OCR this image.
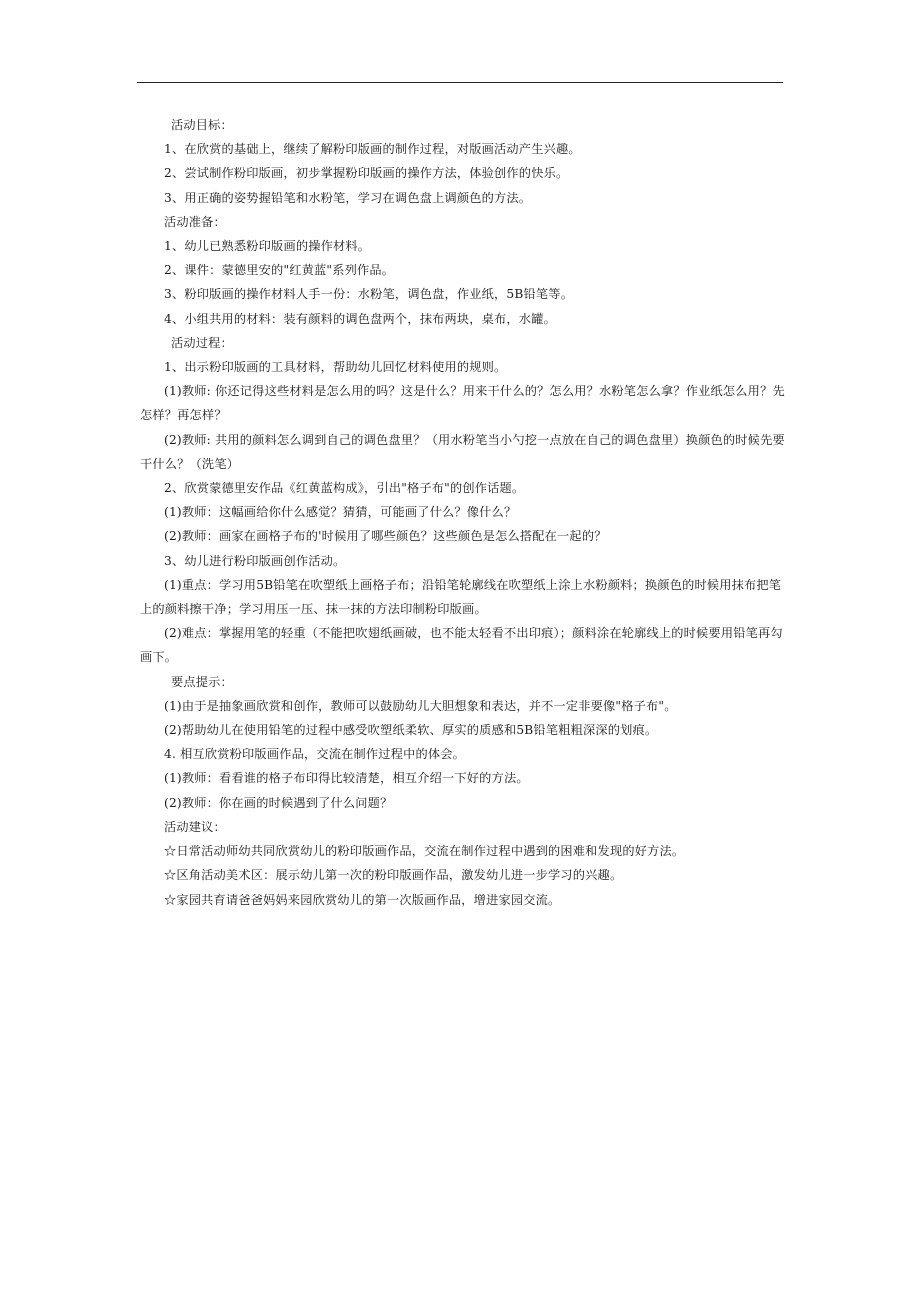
活动目标：
1、在欣赏的基础上，继续了解粉印版画的制作过程，对版画活动产生兴趣。
2、尝试制作粉印版画，初步掌握粉印版画的操作方法，体验创作的快乐。
3、用正确的姿势握铅笔和水粉笔，学习在调色盘上调颜色的方法。
活动准备：
1、幼儿已熟悉粉印版画的操作材料。
2、课件：蒙德里安的"红黄蓝"系列作品。
3、粉印版画的操作材料人手一份：水粉笔，调色盘，作业纸，5B铅笔等。
4、小组共用的材料：装有颜料的调色盘两个，抹布两块，桌布，水罐。
活动过程：
1、出示粉印版画的工具材料，帮助幼儿回忆材料使用的规则。
(1)教师: 你还记得这些材料是怎么用的吗？这是什么？用来干什么的？怎么用？水粉笔怎么拿？作业纸怎么用？先
怎样？再怎样？
(2)教师: 共用的颜料怎么调到自己的调色盘里？（用水粉笔当小勺挖一点放在自己的调色盘里）换颜色的时候先要
干什么？（洗笔）
2、欣赏蒙德里安作品《红黄蓝构成》，引出"格子布"的创作话题。
(1)教师：这幅画给你什么感觉？猜猜，可能画了什么？像什么？
(2)教师：画家在画格子布的'时候用了哪些颜色？这些颜色是怎么搭配在一起的？
3、幼儿进行粉印版画创作活动。
(1)重点：学习用5B铅笔在吹塑纸上画格子布；沿铅笔轮廓线在吹塑纸上涂上水粉颜料；换颜色的时候用抹布把笔
上的颜料擦干净；学习用压一压、抹一抹的方法印制粉印版画。
(2)难点：掌握用笔的轻重（不能把吹翅纸画破，也不能太轻看不出印痕）；颜料涂在轮廓线上的时候要用铅笔再勾
画下。
要点提示：
(1)由于是抽象画欣赏和创作，教师可以鼓励幼儿大胆想象和表达，并不一定非要像"格子布"。
(2)帮助幼儿在使用铅笔的过程中感受吹塑纸柔软、厚实的质感和5B铅笔粗粗深深的划痕。
4. 相互欣赏粉印版画作品，交流在制作过程中的体会。
(1)教师：看看谁的格子布印得比较清楚，相互介绍一下好的方法。
(2)教师：你在画的时候遇到了什么问题？
活动建议：
☆日常活动师幼共同欣赏幼儿的粉印版画作品，交流在制作过程中遇到的困难和发现的好方法。
☆区角活动美术区：展示幼儿第一次的粉印版画作品，激发幼儿进一步学习的兴趣。
☆家园共育请爸爸妈妈来园欣赏幼儿的第一次版画作品，增进家园交流。
